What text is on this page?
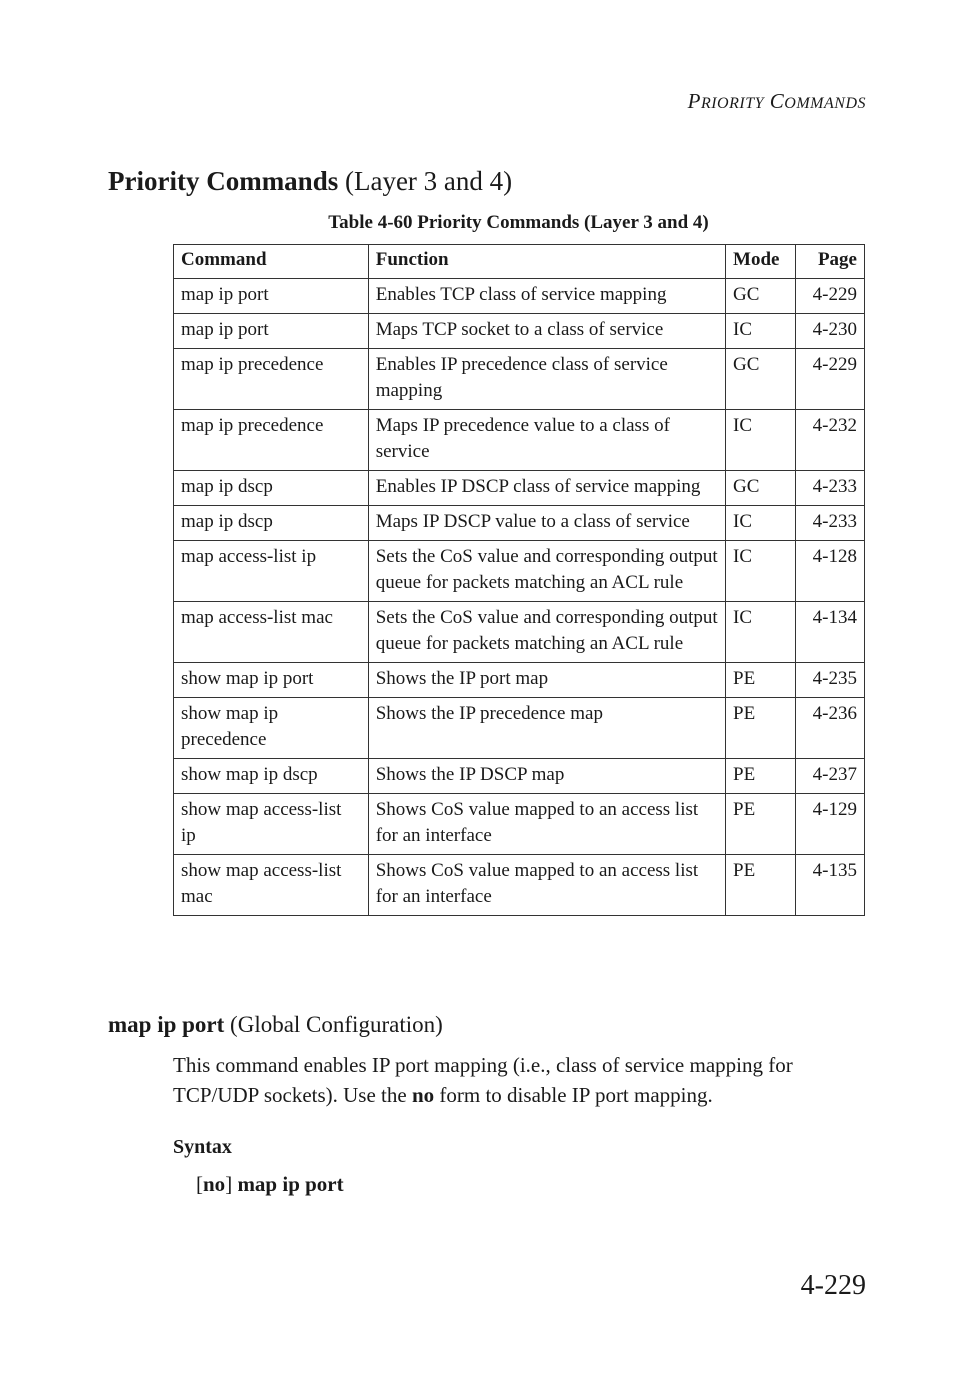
PRIORITY COMMANDS
Priority Commands (Layer 3 and 4)
Table 4-60 Priority Commands (Layer 3 and 4)
Command	Function	Mode	Page
map ip port	Enables TCP class of service mapping	GC	4-229
map ip port	Maps TCP socket to a class of service	IC	4-230
map ip precedence	Enables IP precedence class of service mapping	GC	4-229
map ip precedence	Maps IP precedence value to a class of service	IC	4-232
map ip dscp	Enables IP DSCP class of service mapping	GC	4-233
map ip dscp	Maps IP DSCP value to a class of service	IC	4-233
map access-list ip	Sets the CoS value and corresponding output queue for packets matching an ACL rule	IC	4-128
map access-list mac	Sets the CoS value and corresponding output queue for packets matching an ACL rule	IC	4-134
show map ip port	Shows the IP port map	PE	4-235
show map ip precedence	Shows the IP precedence map	PE	4-236
show map ip dscp	Shows the IP DSCP map	PE	4-237
show map access-list ip	Shows CoS value mapped to an access list for an interface	PE	4-129
show map access-list mac	Shows CoS value mapped to an access list for an interface	PE	4-135
map ip port (Global Configuration)
This command enables IP port mapping (i.e., class of service mapping for TCP/UDP sockets). Use the no form to disable IP port mapping.
Syntax
[no] map ip port
4-229
